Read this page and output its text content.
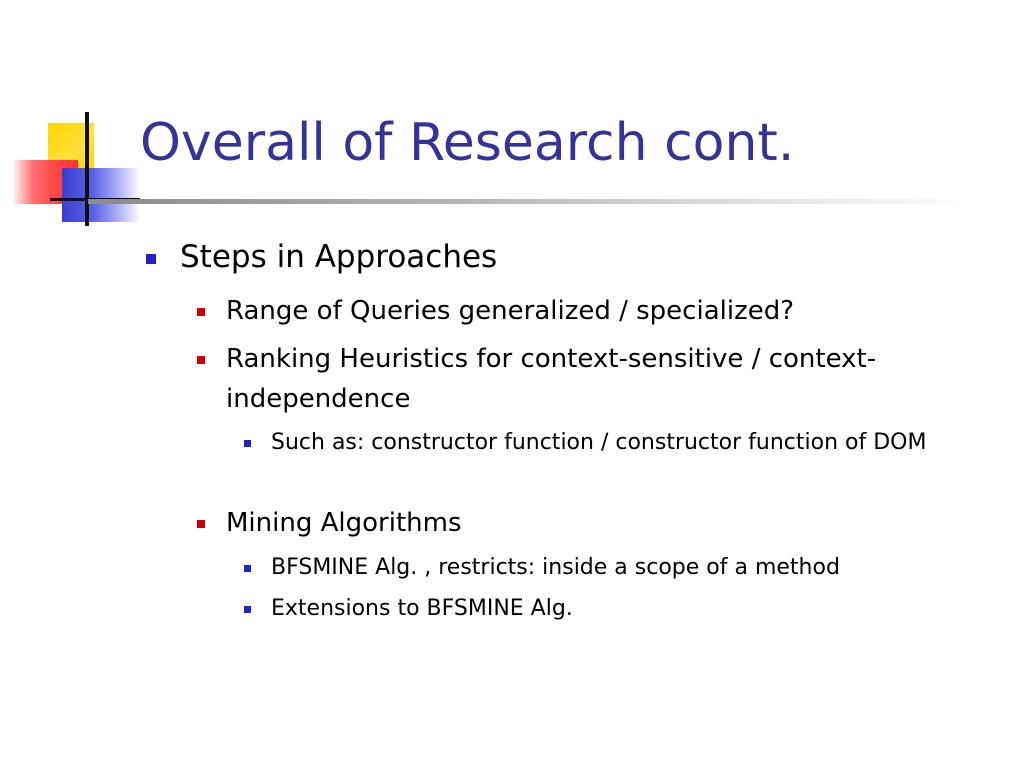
Overall of Research cont.
Steps in Approaches
Range of Queries generalized / specialized?
Ranking Heuristics for context-sensitive / context-independence
Such as: constructor function / constructor function of DOM
Mining Algorithms
BFSMINE Alg. , restricts: inside a scope of a method
Extensions to BFSMINE Alg.
